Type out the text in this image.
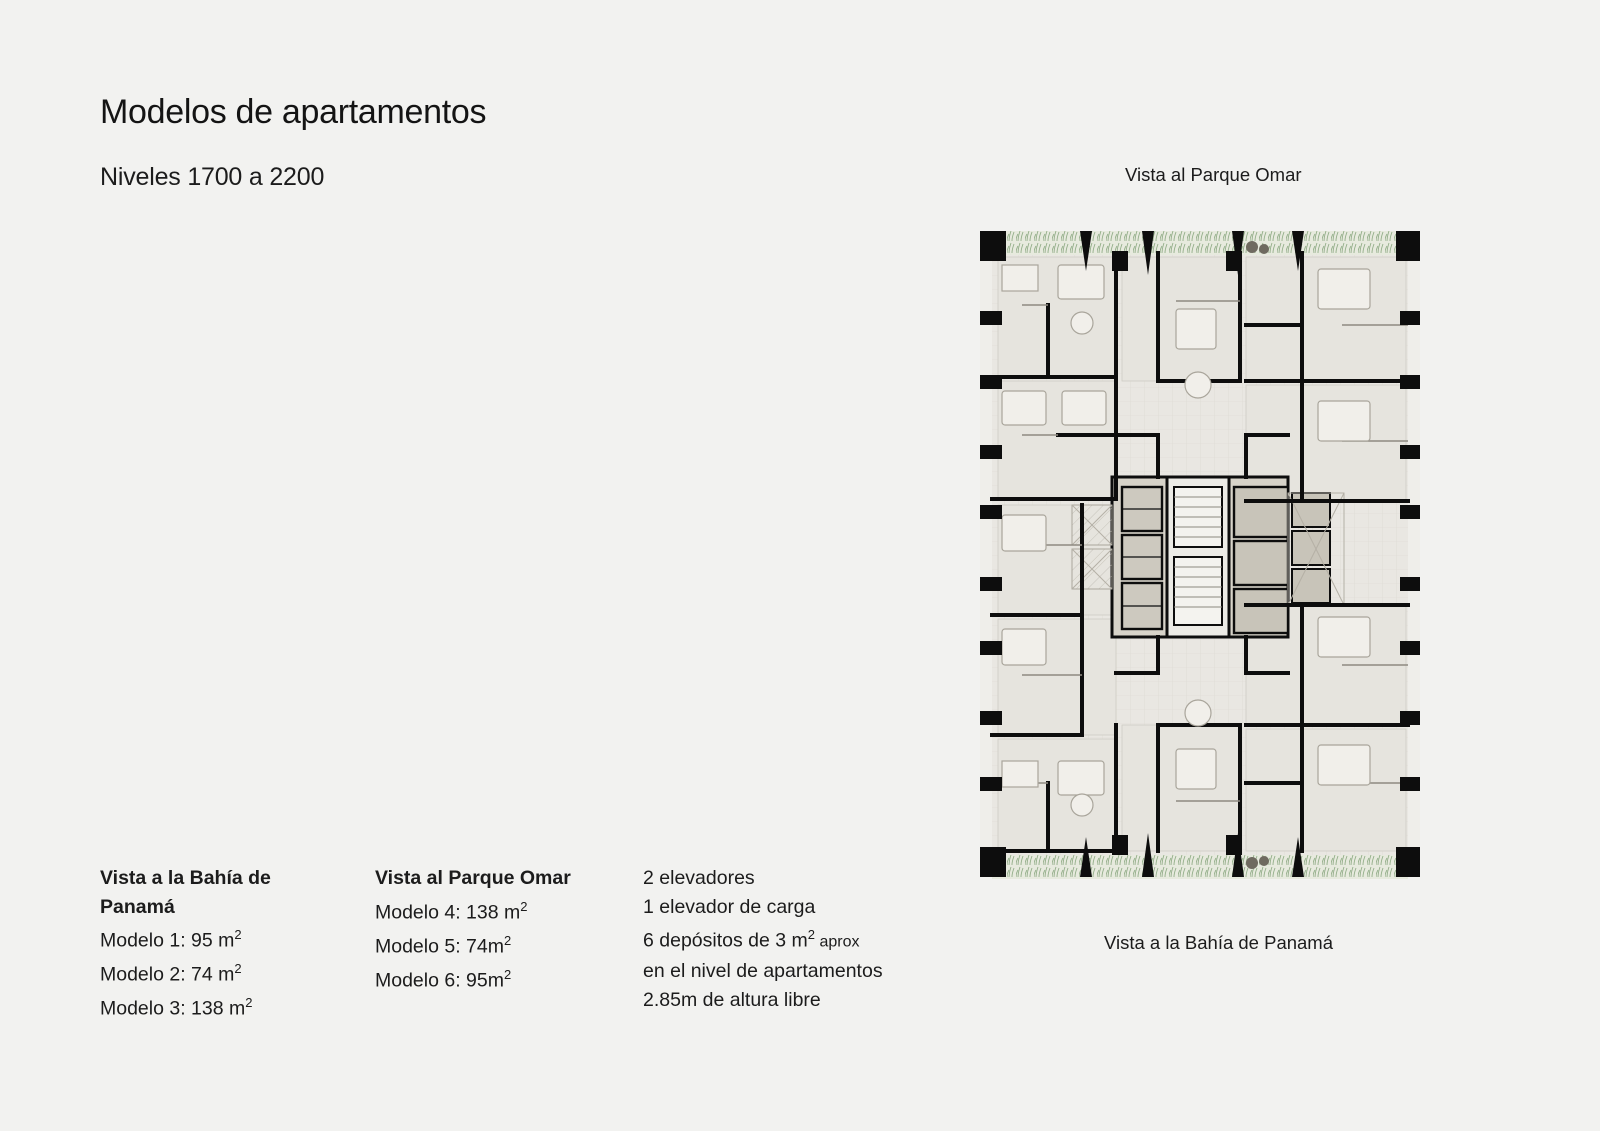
Modelos de apartamentos
Niveles 1700 a 2200	Vista al Parque Omar
Vista a la Bahía de Panamá
Vista a la Bahía de Panamá
Modelo 1: 95 $m^2$
Modelo 2: 74 $m^2$
Modelo 3: 138 $m^2$
Vista al Parque Omar
Modelo 4: 138 $m^2$
Modelo 5: $74m^2$
Modelo 6: $95m^2$
2 elevadores
1 elevador de carga
6 depósitos de 3 $m^2$ aprox
en el nivel de apartamentos
2.85m de altura libre
